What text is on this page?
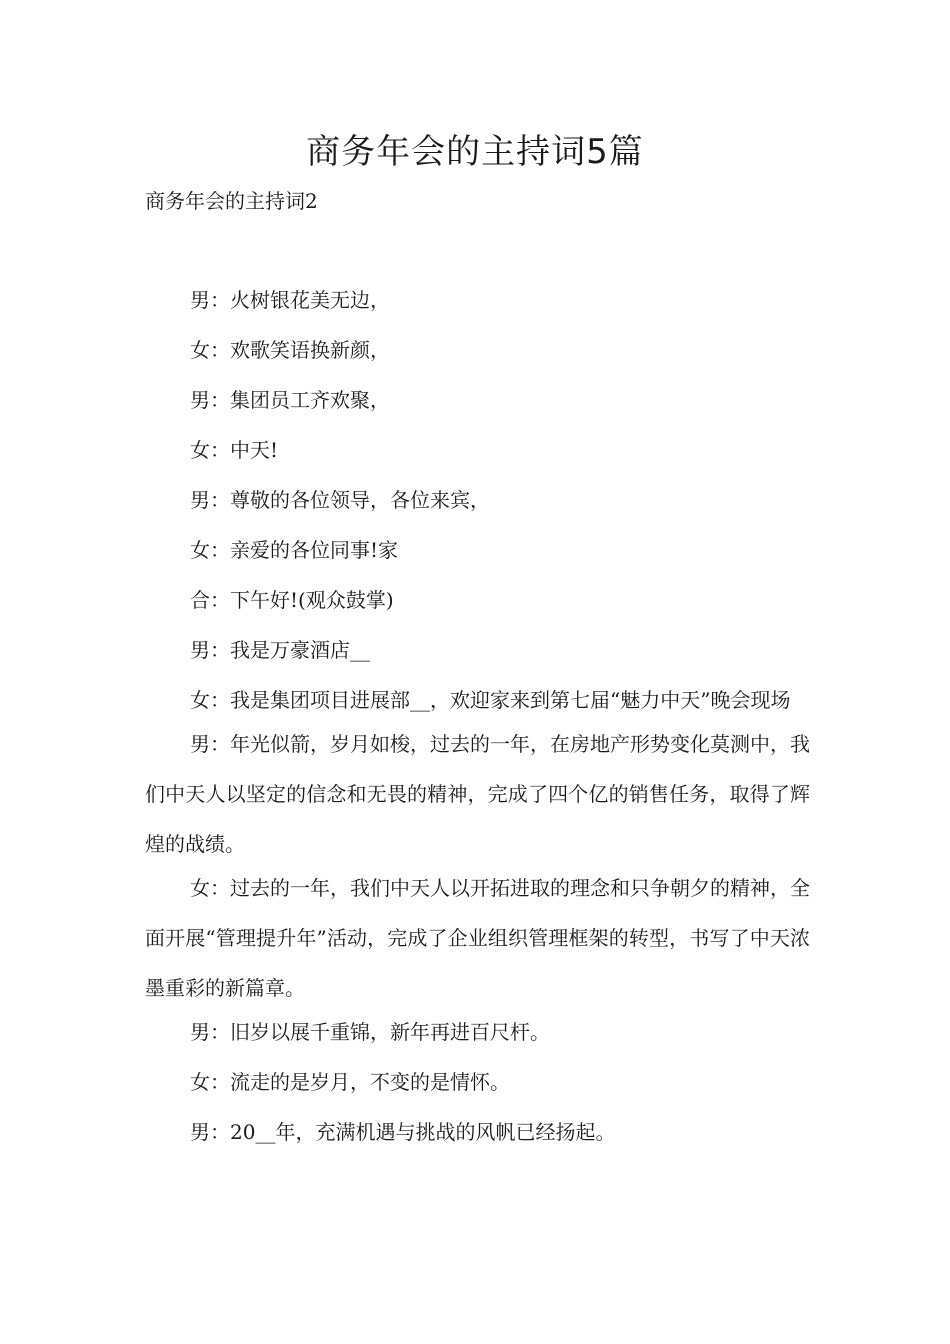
商务年会的主持词5篇

商务年会的主持词2

男：火树银花美无边，

女：欢歌笑语换新颜，

男：集团员工齐欢聚，

女：中天!

男：尊敬的各位领导，各位来宾，

女：亲爱的各位同事!家

合：下午好!(观众鼓掌)

男：我是万豪酒店__

女：我是集团项目进展部__，欢迎家来到第七届“魅力中天”晚会现场

男：年光似箭，岁月如梭，过去的一年，在房地产形势变化莫测中，我们中天人以坚定的信念和无畏的精神，完成了四个亿的销售任务，取得了辉煌的战绩。

女：过去的一年，我们中天人以开拓进取的理念和只争朝夕的精神，全面开展“管理提升年”活动，完成了企业组织管理框架的转型，书写了中天浓墨重彩的新篇章。

男：旧岁以展千重锦，新年再进百尺杆。

女：流走的是岁月，不变的是情怀。

男：20__年，充满机遇与挑战的风帆已经扬起。
